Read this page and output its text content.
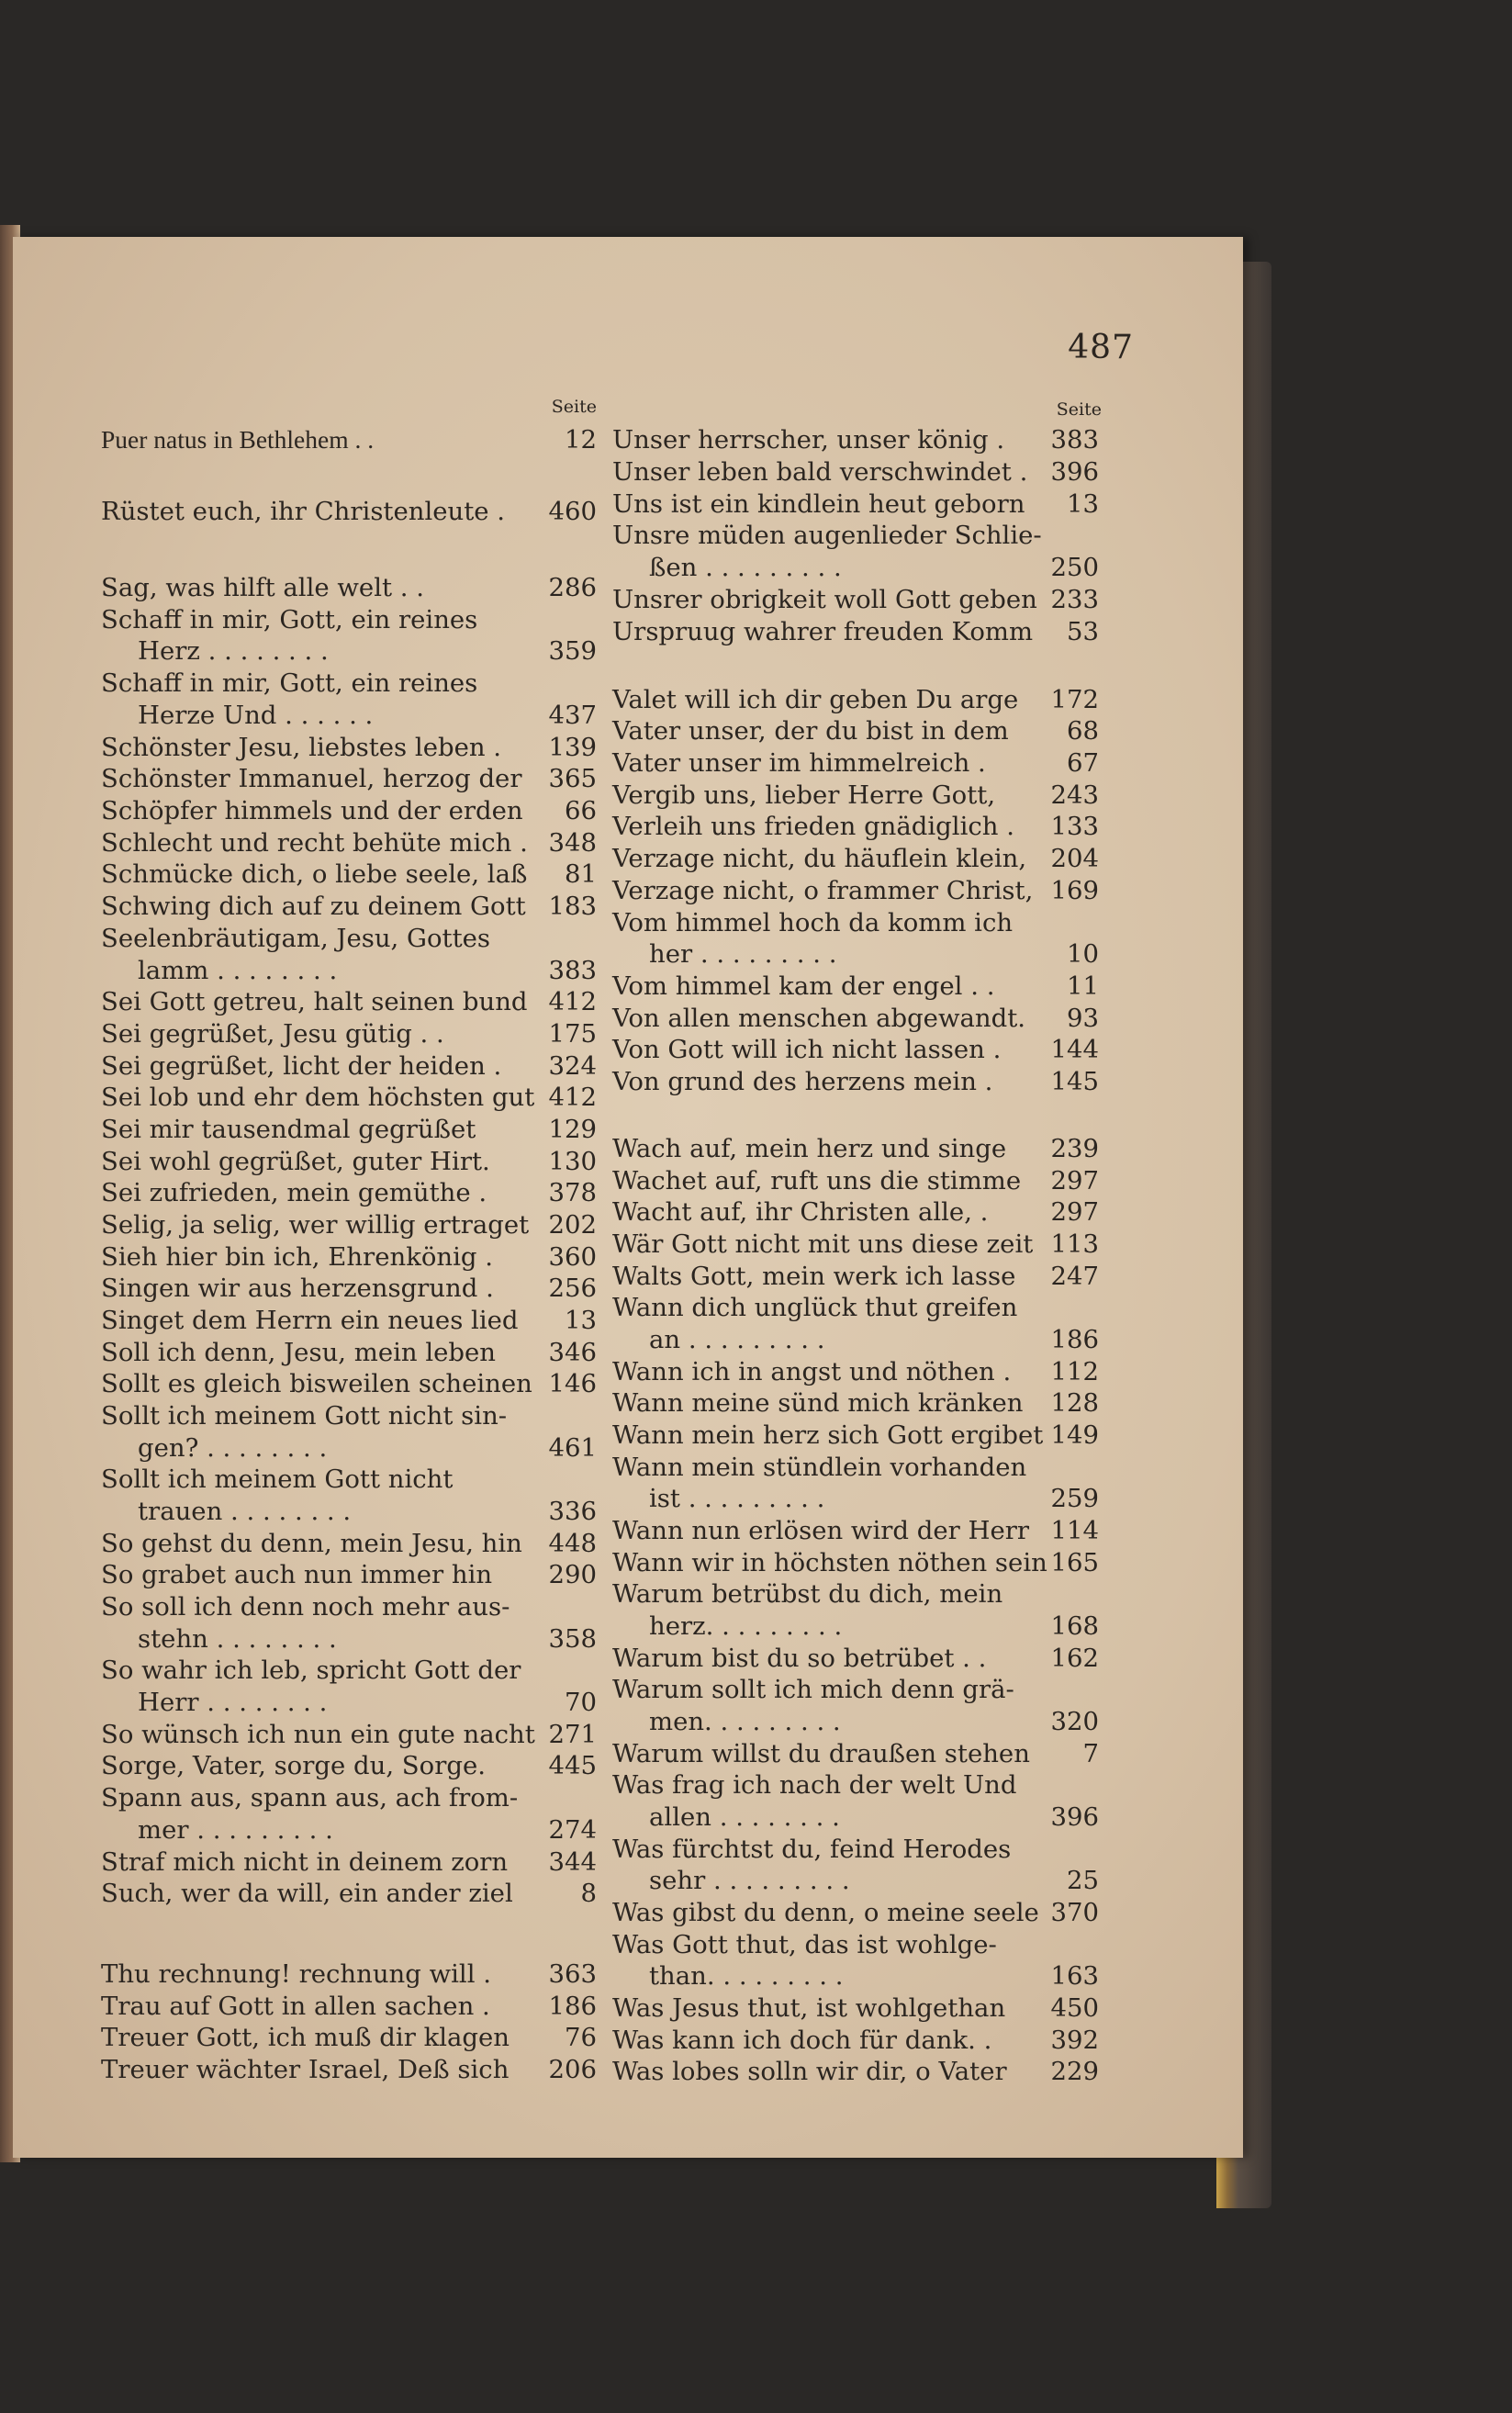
487
Seite	Seite
Puer natus in Bethlehem . .	12
Rüstet euch, ihr Christenleute . 460
Sag, was hilft alle welt . .	286
Schaff in mir, Gott, ein reines
Herz . . . . . . . .	359
Schaff in mir, Gott, ein reines
Herze Und . . . . . .	437
Schönster Jesu, liebstes leben . 139
Schönster Immanuel, herzog der 365
Schöpfer himmels und der erden 66
Schlecht und recht behüte mich . 348
Schmücke dich, o liebe seele, laß 81
Schwing dich auf zu deinem Gott 183
Seelenbräutigam, Jesu, Gottes
lamm . . . . . . . .	383
Sei Gott getreu, halt seinen bund 412
Sei gegrüßet, Jesu gütig . .	175
Sei gegrüßet, licht der heiden . 324
Sei lob und ehr dem höchsten gut 412
Sei mir tausendmal gegrüßet	129
Sei wohl gegrüßet, guter Hirt. 130
Sei zufrieden, mein gemüthe . 378
Selig, ja selig, wer willig ertraget 202
Sieh hier bin ich, Ehrenkönig . 360
Singen wir aus herzensgrund . 256
Singet dem Herrn ein neues lied 13
Soll ich denn, Jesu, mein leben 346
Sollt es gleich bisweilen scheinen 146
Sollt ich meinem Gott nicht sin-
gen? . . . . . . . .	461
Sollt ich meinem Gott nicht
trauen . . . . . . . .	336
So gehst du denn, mein Jesu, hin 448
So grabet auch nun immer hin 290
So soll ich denn noch mehr aus-
stehn . . . . . . . .	358
So wahr ich leb, spricht Gott der
Herr . . . . . . . .	70
So wünsch ich nun ein gute nacht 271
Sorge, Vater, sorge du, Sorge. 445
Spann aus, spann aus, ach from-
mer . . . . . . . . .	274
Straf mich nicht in deinem zorn 344
Such, wer da will, ein ander ziel	8
Thu rechnung! rechnung will . 363
Trau auf Gott in allen sachen . 186
Treuer Gott, ich muß dir klagen 76
Treuer wächter Israel, Deß sich 206
Unser herrscher, unser könig . 383
Unser leben bald verschwindet . 396
Uns ist ein kindlein heut geborn 13
Unsre müden augenlieder Schlie-
ßen . . . . . . . . .	250
Unsrer obrigkeit woll Gott geben 233
Urspruug wahrer freuden Komm 53
Valet will ich dir geben Du arge 172
Vater unser, der du bist in dem 68
Vater unser im himmelreich .	67
Vergib uns, lieber Herre Gott, 243
Verleih uns frieden gnädiglich . 133
Verzage nicht, du häuflein klein, 204
Verzage nicht, o frammer Christ, 169
Vom himmel hoch da komm ich
her . . . . . . . . .	10
Vom himmel kam der engel . .	11
Von allen menschen abgewandt. 93
Von Gott will ich nicht lassen . 144
Von grund des herzens mein . 145
Wach auf, mein herz und singe 239
Wachet auf, ruft uns die stimme 297
Wacht auf, ihr Christen alle, . 297
Wär Gott nicht mit uns diese zeit 113
Walts Gott, mein werk ich lasse 247
Wann dich unglück thut greifen
an . . . . . . . . .	186
Wann ich in angst und nöthen . 112
Wann meine sünd mich kränken 128
Wann mein herz sich Gott ergibet 149
Wann mein stündlein vorhanden
ist . . . . . . . . .	259
Wann nun erlösen wird der Herr 114
Wann wir in höchsten nöthen sein 165
Warum betrübst du dich, mein
herz. . . . . . . . .	168
Warum bist du so betrübet . .	162
Warum sollt ich mich denn grä-
men. . . . . . . . .	320
Warum willst du draußen stehen 7
Was frag ich nach der welt Und
allen . . . . . . . .	396
Was fürchtst du, feind Herodes
sehr . . . . . . . . .	25
Was gibst du denn, o meine seele 370
Was Gott thut, das ist wohlge-
than. . . . . . . . .	163
Was Jesus thut, ist wohlgethan 450
Was kann ich doch für dank. . 392
Was lobes solln wir dir, o Vater 229
